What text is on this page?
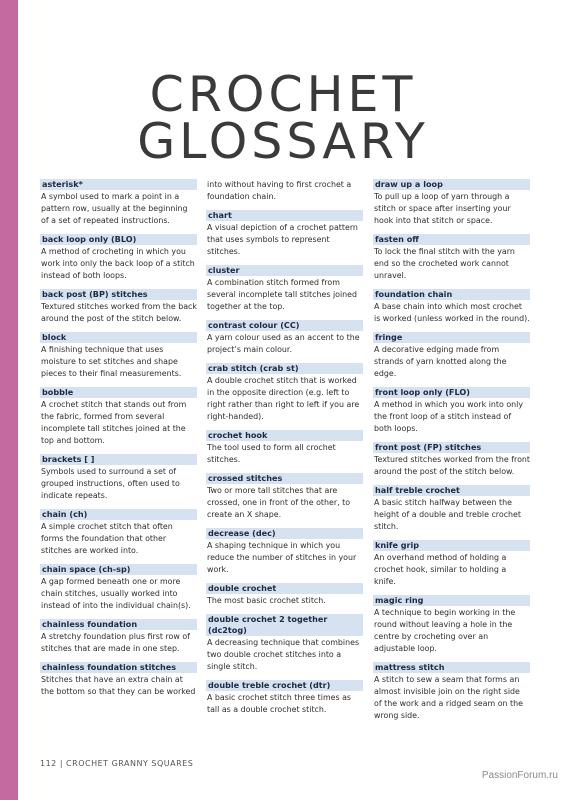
CROCHET
GLOSSARY
asterisk*
A symbol used to mark a point in a pattern row, usually at the beginning of a set of repeated instructions.
back loop only (BLO)
A method of crocheting in which you work into only the back loop of a stitch instead of both loops.
back post (BP) stitches
Textured stitches worked from the back around the post of the stitch below.
block
A finishing technique that uses moisture to set stitches and shape pieces to their final measurements.
bobble
A crochet stitch that stands out from the fabric, formed from several incomplete tall stitches joined at the top and bottom.
brackets [ ]
Symbols used to surround a set of grouped instructions, often used to indicate repeats.
chain (ch)
A simple crochet stitch that often forms the foundation that other stitches are worked into.
chain space (ch-sp)
A gap formed beneath one or more chain stitches, usually worked into instead of into the individual chain(s).
chainless foundation
A stretchy foundation plus first row of stitches that are made in one step.
chainless foundation stitches
Stitches that have an extra chain at the bottom so that they can be worked
into without having to first crochet a foundation chain.
chart
A visual depiction of a crochet pattern that uses symbols to represent stitches.
cluster
A combination stitch formed from several incomplete tall stitches joined together at the top.
contrast colour (CC)
A yarn colour used as an accent to the project’s main colour.
crab stitch (crab st)
A double crochet stitch that is worked in the opposite direction (e.g. left to right rather than right to left if you are right-handed).
crochet hook
The tool used to form all crochet stitches.
crossed stitches
Two or more tall stitches that are crossed, one in front of the other, to create an X shape.
decrease (dec)
A shaping technique in which you reduce the number of stitches in your work.
double crochet
The most basic crochet stitch.
double crochet 2 together (dc2tog)
A decreasing technique that combines two double crochet stitches into a single stitch.
double treble crochet (dtr)
A basic crochet stitch three times as tall as a double crochet stitch.
draw up a loop
To pull up a loop of yarn through a stitch or space after inserting your hook into that stitch or space.
fasten off
To lock the final stitch with the yarn end so the crocheted work cannot unravel.
foundation chain
A base chain into which most crochet is worked (unless worked in the round).
fringe
A decorative edging made from strands of yarn knotted along the edge.
front loop only (FLO)
A method in which you work into only the front loop of a stitch instead of both loops.
front post (FP) stitches
Textured stitches worked from the front around the post of the stitch below.
half treble crochet
A basic stitch halfway between the height of a double and treble crochet stitch.
knife grip
An overhand method of holding a crochet hook, similar to holding a knife.
magic ring
A technique to begin working in the round without leaving a hole in the centre by crocheting over an adjustable loop.
mattress stitch
A stitch to sew a seam that forms an almost invisible join on the right side of the work and a ridged seam on the wrong side.
112 | CROCHET GRANNY SQUARES
PassionForum.ru
